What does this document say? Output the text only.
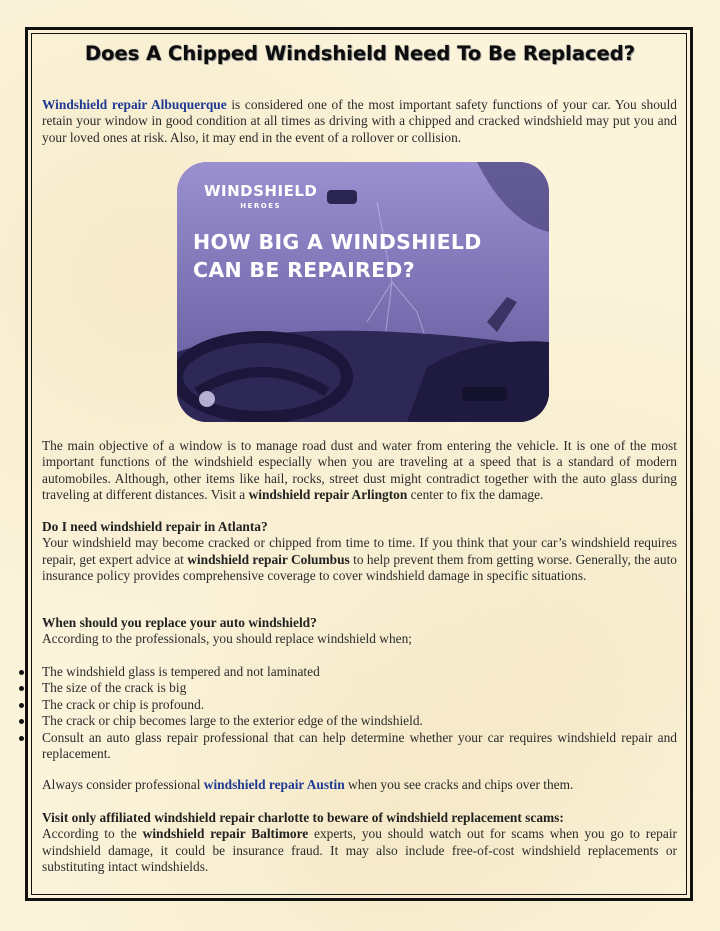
Does A Chipped Windshield Need To Be Replaced?

Windshield repair Albuquerque is considered one of the most important safety functions of your car. You should retain your window in good condition at all times as driving with a chipped and cracked windshield may put you and your loved ones at risk. Also, it may end in the event of a rollover or collision.

WINDSHIELD
HEROES
HOW BIG A WINDSHIELD
CAN BE REPAIRED?

The main objective of a window is to manage road dust and water from entering the vehicle. It is one of the most important functions of the windshield especially when you are traveling at a speed that is a standard of modern automobiles. Although, other items like hail, rocks, street dust might contradict together with the auto glass during traveling at different distances. Visit a windshield repair Arlington center to fix the damage.

Do I need windshield repair in Atlanta?
Your windshield may become cracked or chipped from time to time. If you think that your car’s windshield requires repair, get expert advice at windshield repair Columbus to help prevent them from getting worse. Generally, the auto insurance policy provides comprehensive coverage to cover windshield damage in specific situations.

When should you replace your auto windshield?
According to the professionals, you should replace windshield when;

The windshield glass is tempered and not laminated
The size of the crack is big
The crack or chip is profound.
The crack or chip becomes large to the exterior edge of the windshield.
Consult an auto glass repair professional that can help determine whether your car requires windshield repair and replacement.

Always consider professional windshield repair Austin when you see cracks and chips over them.

Visit only affiliated windshield repair charlotte to beware of windshield replacement scams:
According to the windshield repair Baltimore experts, you should watch out for scams when you go to repair windshield damage, it could be insurance fraud. It may also include free-of-cost windshield replacements or substituting intact windshields.
